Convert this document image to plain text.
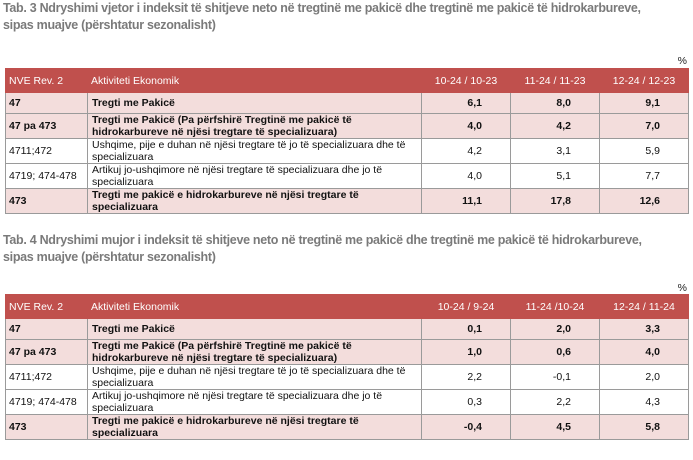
Tab. 3 Ndryshimi vjetor i indeksit të shitjeve neto në tregtinë me pakicë dhe tregtinë me pakicë të hidrokarbureve,
sipas muajve (përshtatur sezonalisht)
%
NVE Rev. 2	Aktiviteti Ekonomik	10-24 / 10-23	11-24 / 11-23	12-24 / 12-23
47	Tregti me Pakicë	6,1	8,0	9,1
47 pa 473	Tregti me Pakicë (Pa përfshirë Tregtinë me pakicë të hidrokarbureve në njësi tregtare të specializuara)	4,0	4,2	7,0
4711;472	Ushqime, pije e duhan në njësi tregtare të jo të specializuara dhe të specializuara	4,2	3,1	5,9
4719; 474-478	Artikuj jo-ushqimore në njësi tregtare të specializuara dhe jo të specializuara	4,0	5,1	7,7
473	Tregti me pakicë e hidrokarbureve në njësi tregtare të specializuara	11,1	17,8	12,6
Tab. 4 Ndryshimi mujor i indeksit të shitjeve neto në tregtinë me pakicë dhe tregtinë me pakicë të hidrokarbureve,
sipas muajve (përshtatur sezonalisht)
%
NVE Rev. 2	Aktiviteti Ekonomik	10-24 / 9-24	11-24 /10-24	12-24 / 11-24
47	Tregti me Pakicë	0,1	2,0	3,3
47 pa 473	Tregti me Pakicë (Pa përfshirë Tregtinë me pakicë të hidrokarbureve në njësi tregtare të specializuara)	1,0	0,6	4,0
4711;472	Ushqime, pije e duhan në njësi tregtare të jo të specializuara dhe të specializuara	2,2	-0,1	2,0
4719; 474-478	Artikuj jo-ushqimore në njësi tregtare të specializuara dhe jo të specializuara	0,3	2,2	4,3
473	Tregti me pakicë e hidrokarbureve në njësi tregtare të specializuara	-0,4	4,5	5,8
